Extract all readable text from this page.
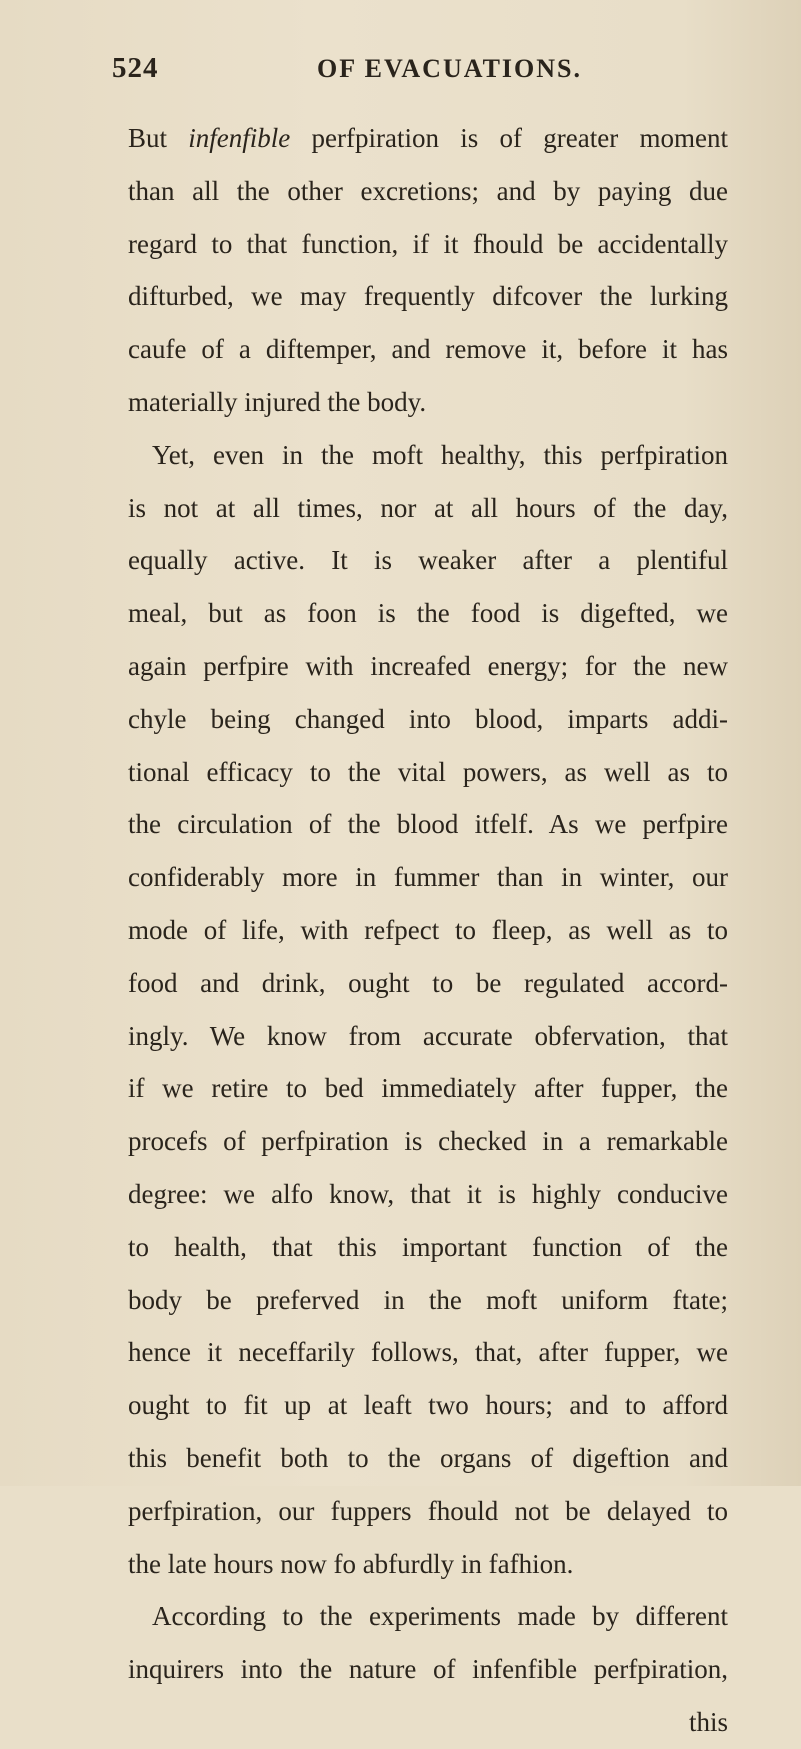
524	OF EVACUATIONS.
But infenfible perfpiration is of greater moment
than all the other excretions; and by paying due
regard to that function, if it fhould be accidentally
difturbed, we may frequently difcover the lurking
caufe of a diftemper, and remove it, before it has
materially injured the body.
Yet, even in the moft healthy, this perfpiration
is not at all times, nor at all hours of the day,
equally active. It is weaker after a plentiful
meal, but as foon is the food is digefted, we
again perfpire with increafed energy; for the new
chyle being changed into blood, imparts addi-
tional efficacy to the vital powers, as well as to
the circulation of the blood itfelf. As we perfpire
confiderably more in fummer than in winter, our
mode of life, with refpect to fleep, as well as to
food and drink, ought to be regulated accord-
ingly. We know from accurate obfervation, that
if we retire to bed immediately after fupper, the
procefs of perfpiration is checked in a remarkable
degree: we alfo know, that it is highly conducive
to health, that this important function of the
body be preferved in the moft uniform ftate;
hence it neceffarily follows, that, after fupper, we
ought to fit up at leaft two hours; and to afford
this benefit both to the organs of digeftion and
perfpiration, our fuppers fhould not be delayed to
the late hours now fo abfurdly in fafhion.
According to the experiments made by different
inquirers into the nature of infenfible perfpiration,
this
